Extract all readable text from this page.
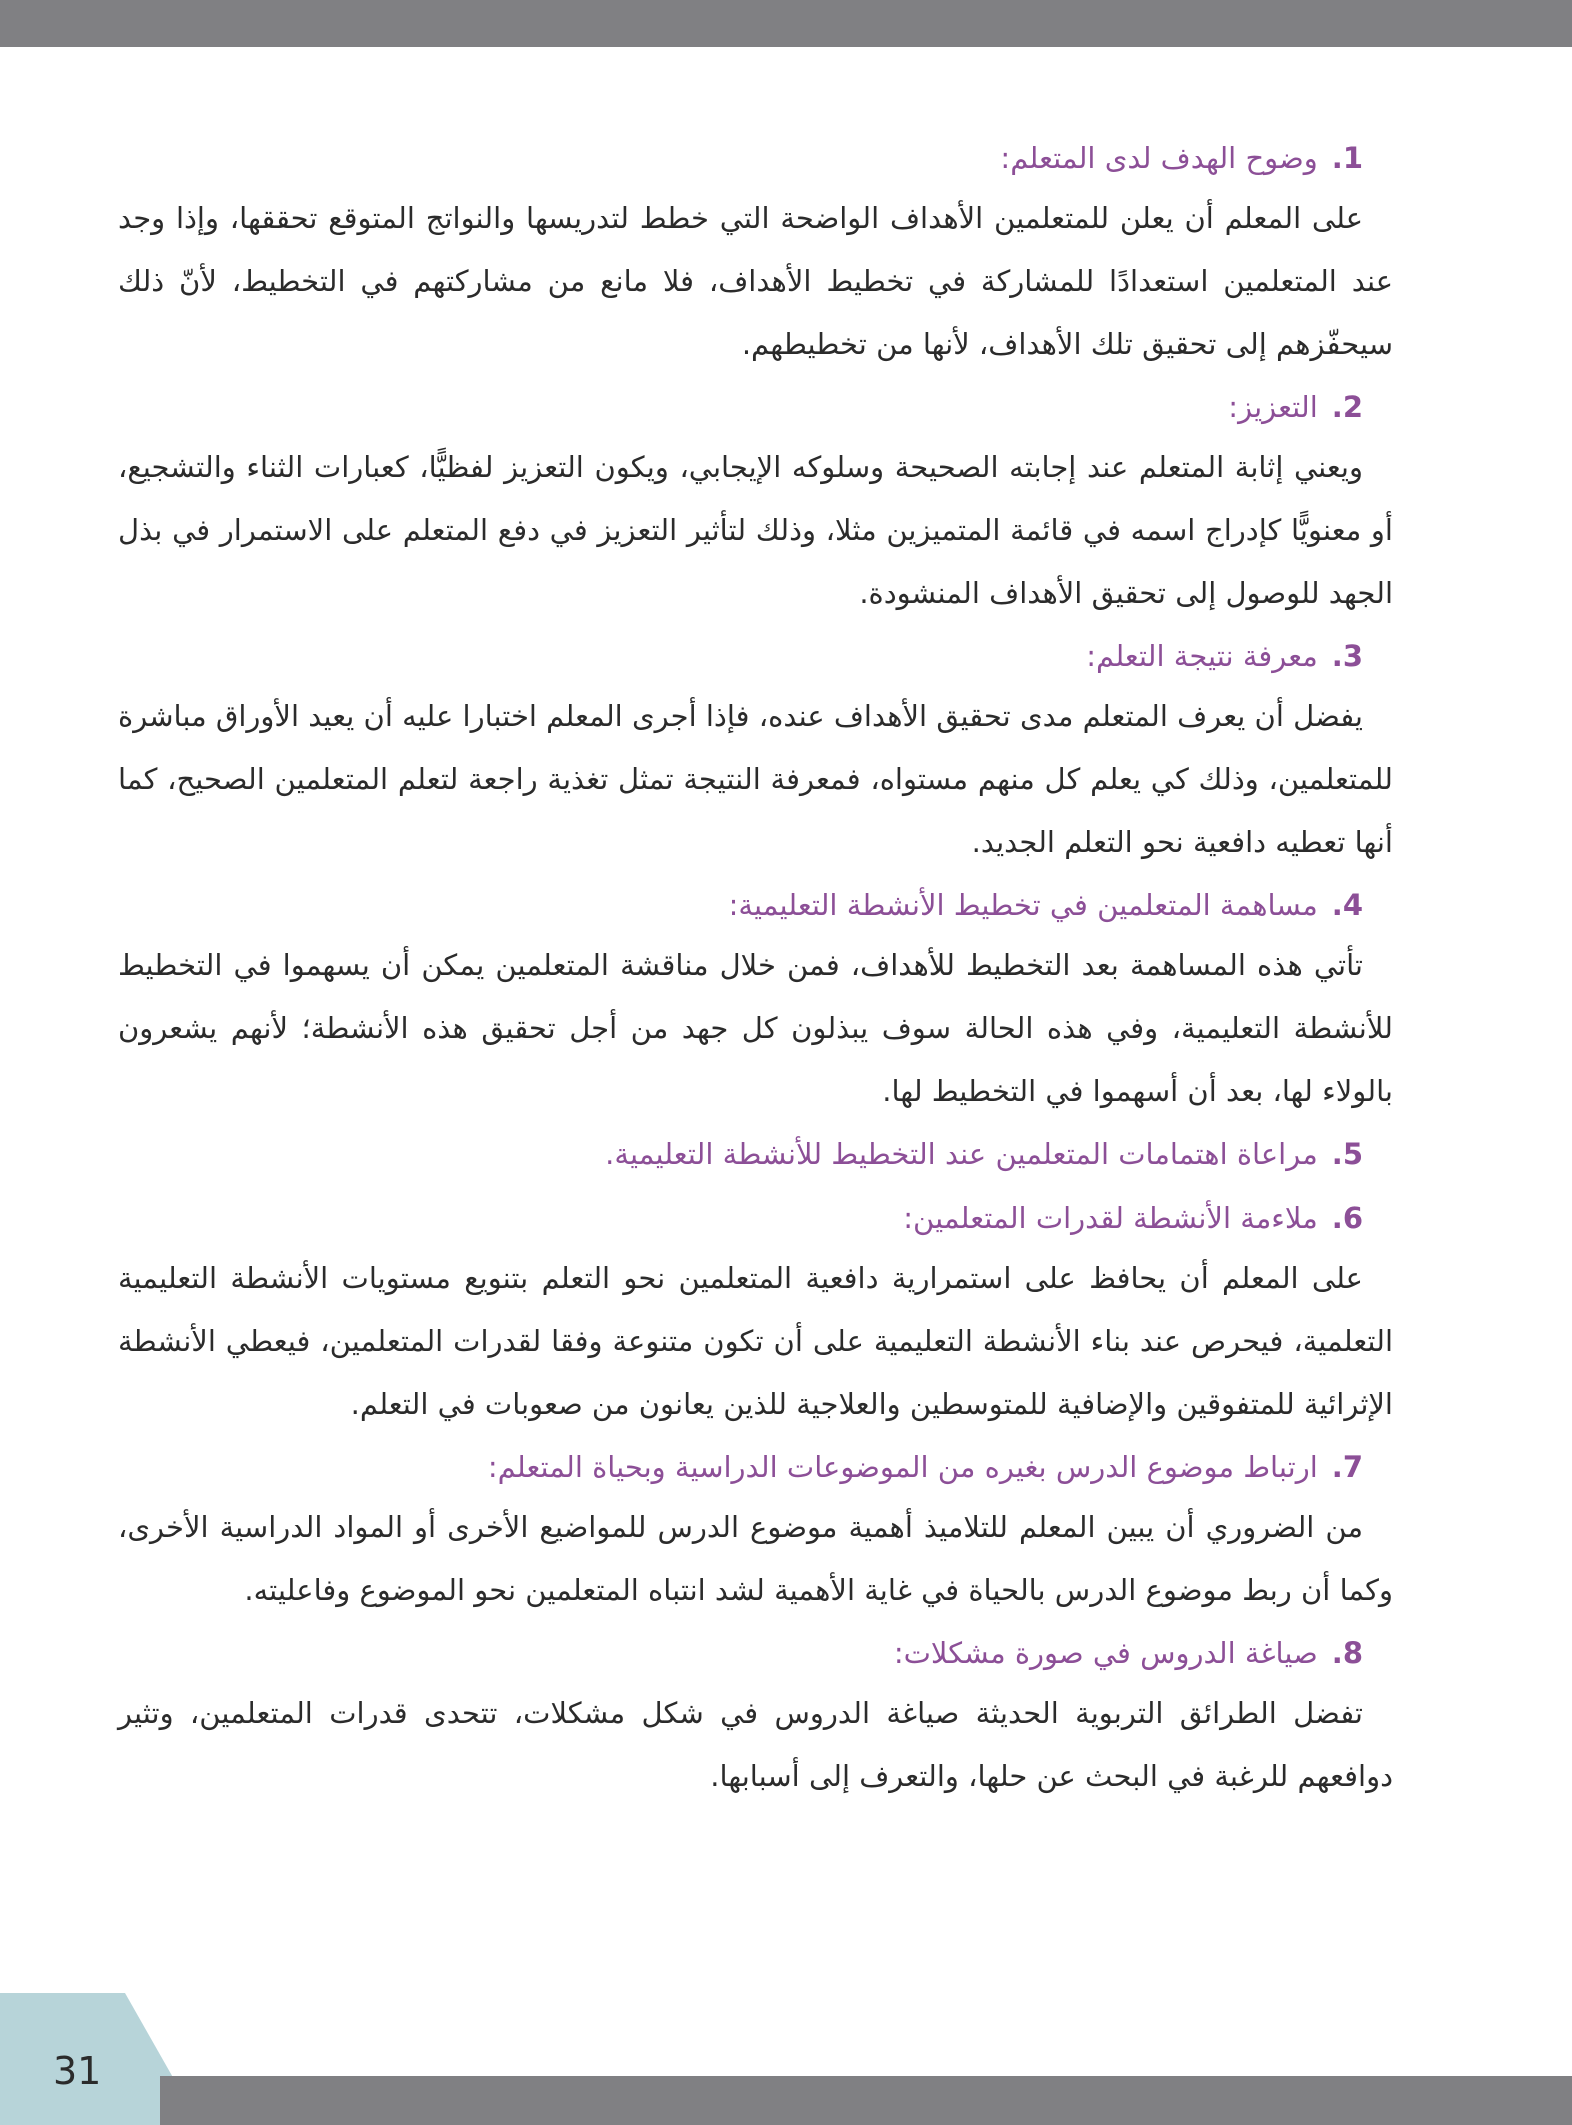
1.
وضوح الهدف لدى المتعلم:

على المعلم أن يعلن للمتعلمين الأهداف الواضحة التي خطط لتدريسها والنواتج المتوقع تحققها، وإذا وجد عند المتعلمين استعدادًا للمشاركة في تخطيط الأهداف، فلا مانع من مشاركتهم في التخطيط، لأنّ ذلك سيحفّزهم إلى تحقيق تلك الأهداف، لأنها من تخطيطهم.

2.
التعزيز:

ويعني إثابة المتعلم عند إجابته الصحيحة وسلوكه الإيجابي، ويكون التعزيز لفظيًّا، كعبارات الثناء والتشجيع، أو معنويًّا كإدراج اسمه في قائمة المتميزين مثلا، وذلك لتأثير التعزيز في دفع المتعلم على الاستمرار في بذل الجهد للوصول إلى تحقيق الأهداف المنشودة.

3.
معرفة نتيجة التعلم:

يفضل أن يعرف المتعلم مدى تحقيق الأهداف عنده، فإذا أجرى المعلم اختبارا عليه أن يعيد الأوراق مباشرة للمتعلمين، وذلك كي يعلم كل منهم مستواه، فمعرفة النتيجة تمثل تغذية راجعة لتعلم المتعلمين الصحيح، كما أنها تعطيه دافعية نحو التعلم الجديد.

4.
مساهمة المتعلمين في تخطيط الأنشطة التعليمية:

تأتي هذه المساهمة بعد التخطيط للأهداف، فمن خلال مناقشة المتعلمين يمكن أن يسهموا في التخطيط للأنشطة التعليمية، وفي هذه الحالة سوف يبذلون كل جهد من أجل تحقيق هذه الأنشطة؛ لأنهم يشعرون بالولاء لها، بعد أن أسهموا في التخطيط لها.

5.
مراعاة اهتمامات المتعلمين عند التخطيط للأنشطة التعليمية.
6.
ملاءمة الأنشطة لقدرات المتعلمين:

على المعلم أن يحافظ على استمرارية دافعية المتعلمين نحو التعلم بتنويع مستويات الأنشطة التعليمية التعلمية، فيحرص عند بناء الأنشطة التعليمية على أن تكون متنوعة وفقا لقدرات المتعلمين، فيعطي الأنشطة الإثرائية للمتفوقين والإضافية للمتوسطين والعلاجية للذين يعانون من صعوبات في التعلم.

7.
ارتباط موضوع الدرس بغيره من الموضوعات الدراسية وبحياة المتعلم:

من الضروري أن يبين المعلم للتلاميذ أهمية موضوع الدرس للمواضيع الأخرى أو المواد الدراسية الأخرى، وكما أن ربط موضوع الدرس بالحياة في غاية الأهمية لشد انتباه المتعلمين نحو الموضوع وفاعليته.

8.
صياغة الدروس في صورة مشكلات:

تفضل الطرائق التربوية الحديثة صياغة الدروس في شكل مشكلات، تتحدى قدرات المتعلمين، وتثير دوافعهم للرغبة في البحث عن حلها، والتعرف إلى أسبابها.

31
